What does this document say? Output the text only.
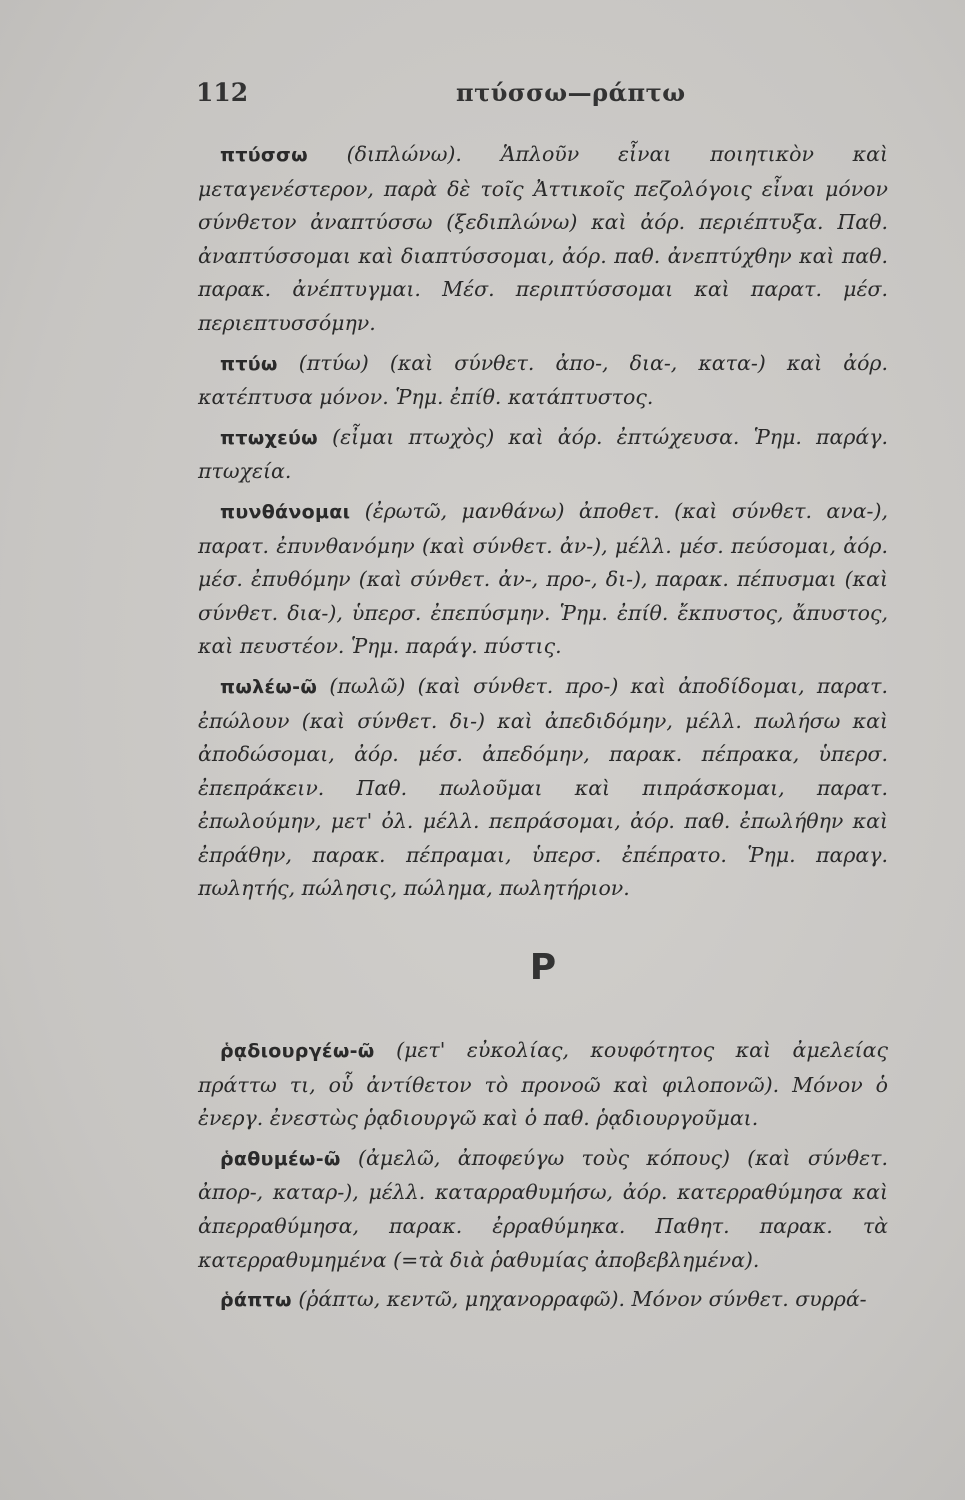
112	πτύσσω—ράπτω

πτύσσω (διπλώνω). Ἁπλοῦν εἶναι ποιητικὸν καὶ μεταγενέστερον, παρὰ δὲ τοῖς Ἀττικοῖς πεζολόγοις εἶναι μόνον σύνθετον ἀναπτύσσω (ξεδιπλώνω) καὶ ἀόρ. περιέπτυξα. Παθ. ἀναπτύσσομαι καὶ διαπτύσσομαι, ἀόρ. παθ. ἀνεπτύχθην καὶ παθ. παρακ. ἀνέπτυγμαι. Μέσ. περιπτύσσομαι καὶ παρατ. μέσ. περιεπτυσσόμην.

πτύω (πτύω) (καὶ σύνθετ. ἀπο-, δια-, κατα-) καὶ ἀόρ. κατέπτυσα μόνον. Ῥημ. ἐπίθ. κατάπτυστος.

πτωχεύω (εἶμαι πτωχὸς) καὶ ἀόρ. ἐπτώχευσα. Ῥημ. παράγ. πτωχεία.

πυνθάνομαι (ἐρωτῶ, μανθάνω) ἀποθετ. (καὶ σύνθετ. ανα-), παρατ. ἐπυνθανόμην (καὶ σύνθετ. ἀν-), μέλλ. μέσ. πεύσομαι, ἀόρ. μέσ. ἐπυθόμην (καὶ σύνθετ. ἀν-, προ-, δι-), παρακ. πέπυσμαι (καὶ σύνθετ. δια-), ὑπερσ. ἐπεπύσμην. Ῥημ. ἐπίθ. ἔκπυστος, ἄπυστος, καὶ πευστέον. Ῥημ. παράγ. πύστις.

πωλέω-ῶ (πωλῶ) (καὶ σύνθετ. προ-) καὶ ἀποδίδομαι, παρατ. ἐπώλουν (καὶ σύνθετ. δι-) καὶ ἀπεδιδόμην, μέλλ. πωλήσω καὶ ἀποδώσομαι, ἀόρ. μέσ. ἀπεδόμην, παρακ. πέπρακα, ὑπερσ. ἐπεπράκειν. Παθ. πωλοῦμαι καὶ πιπράσκομαι, παρατ. ἐπωλούμην, μετ' ὀλ. μέλλ. πεπράσομαι, ἀόρ. παθ. ἐπωλήθην καὶ ἐπράθην, παρακ. πέπραμαι, ὑπερσ. ἐπέπρατο. Ῥημ. παραγ. πωλητής, πώλησις, πώλημα, πωλητήριον.

Ρ

ῥᾳδιουργέω-ῶ (μετ' εὐκολίας, κουφότητος καὶ ἀμελείας πράττω τι, οὗ ἀντίθετον τὸ προνοῶ καὶ φιλοπονῶ). Μόνον ὁ ἐνεργ. ἐνεστὼς ῥᾳδιουργῶ καὶ ὁ παθ. ῥᾳδιουργοῦμαι.

ῥαθυμέω-ῶ (ἀμελῶ, ἀποφεύγω τοὺς κόπους) (καὶ σύνθετ. ἀπορ-, καταρ-), μέλλ. καταρραθυμήσω, ἀόρ. κατερραθύμησα καὶ ἀπερραθύμησα, παρακ. ἐρραθύμηκα. Παθητ. παρακ. τὰ κατερραθυμημένα (=τὰ διὰ ῥαθυμίας ἀποβεβλημένα).

ῥάπτω (ῥάπτω, κεντῶ, μηχανορραφῶ). Μόνον σύνθετ. συρρά-
